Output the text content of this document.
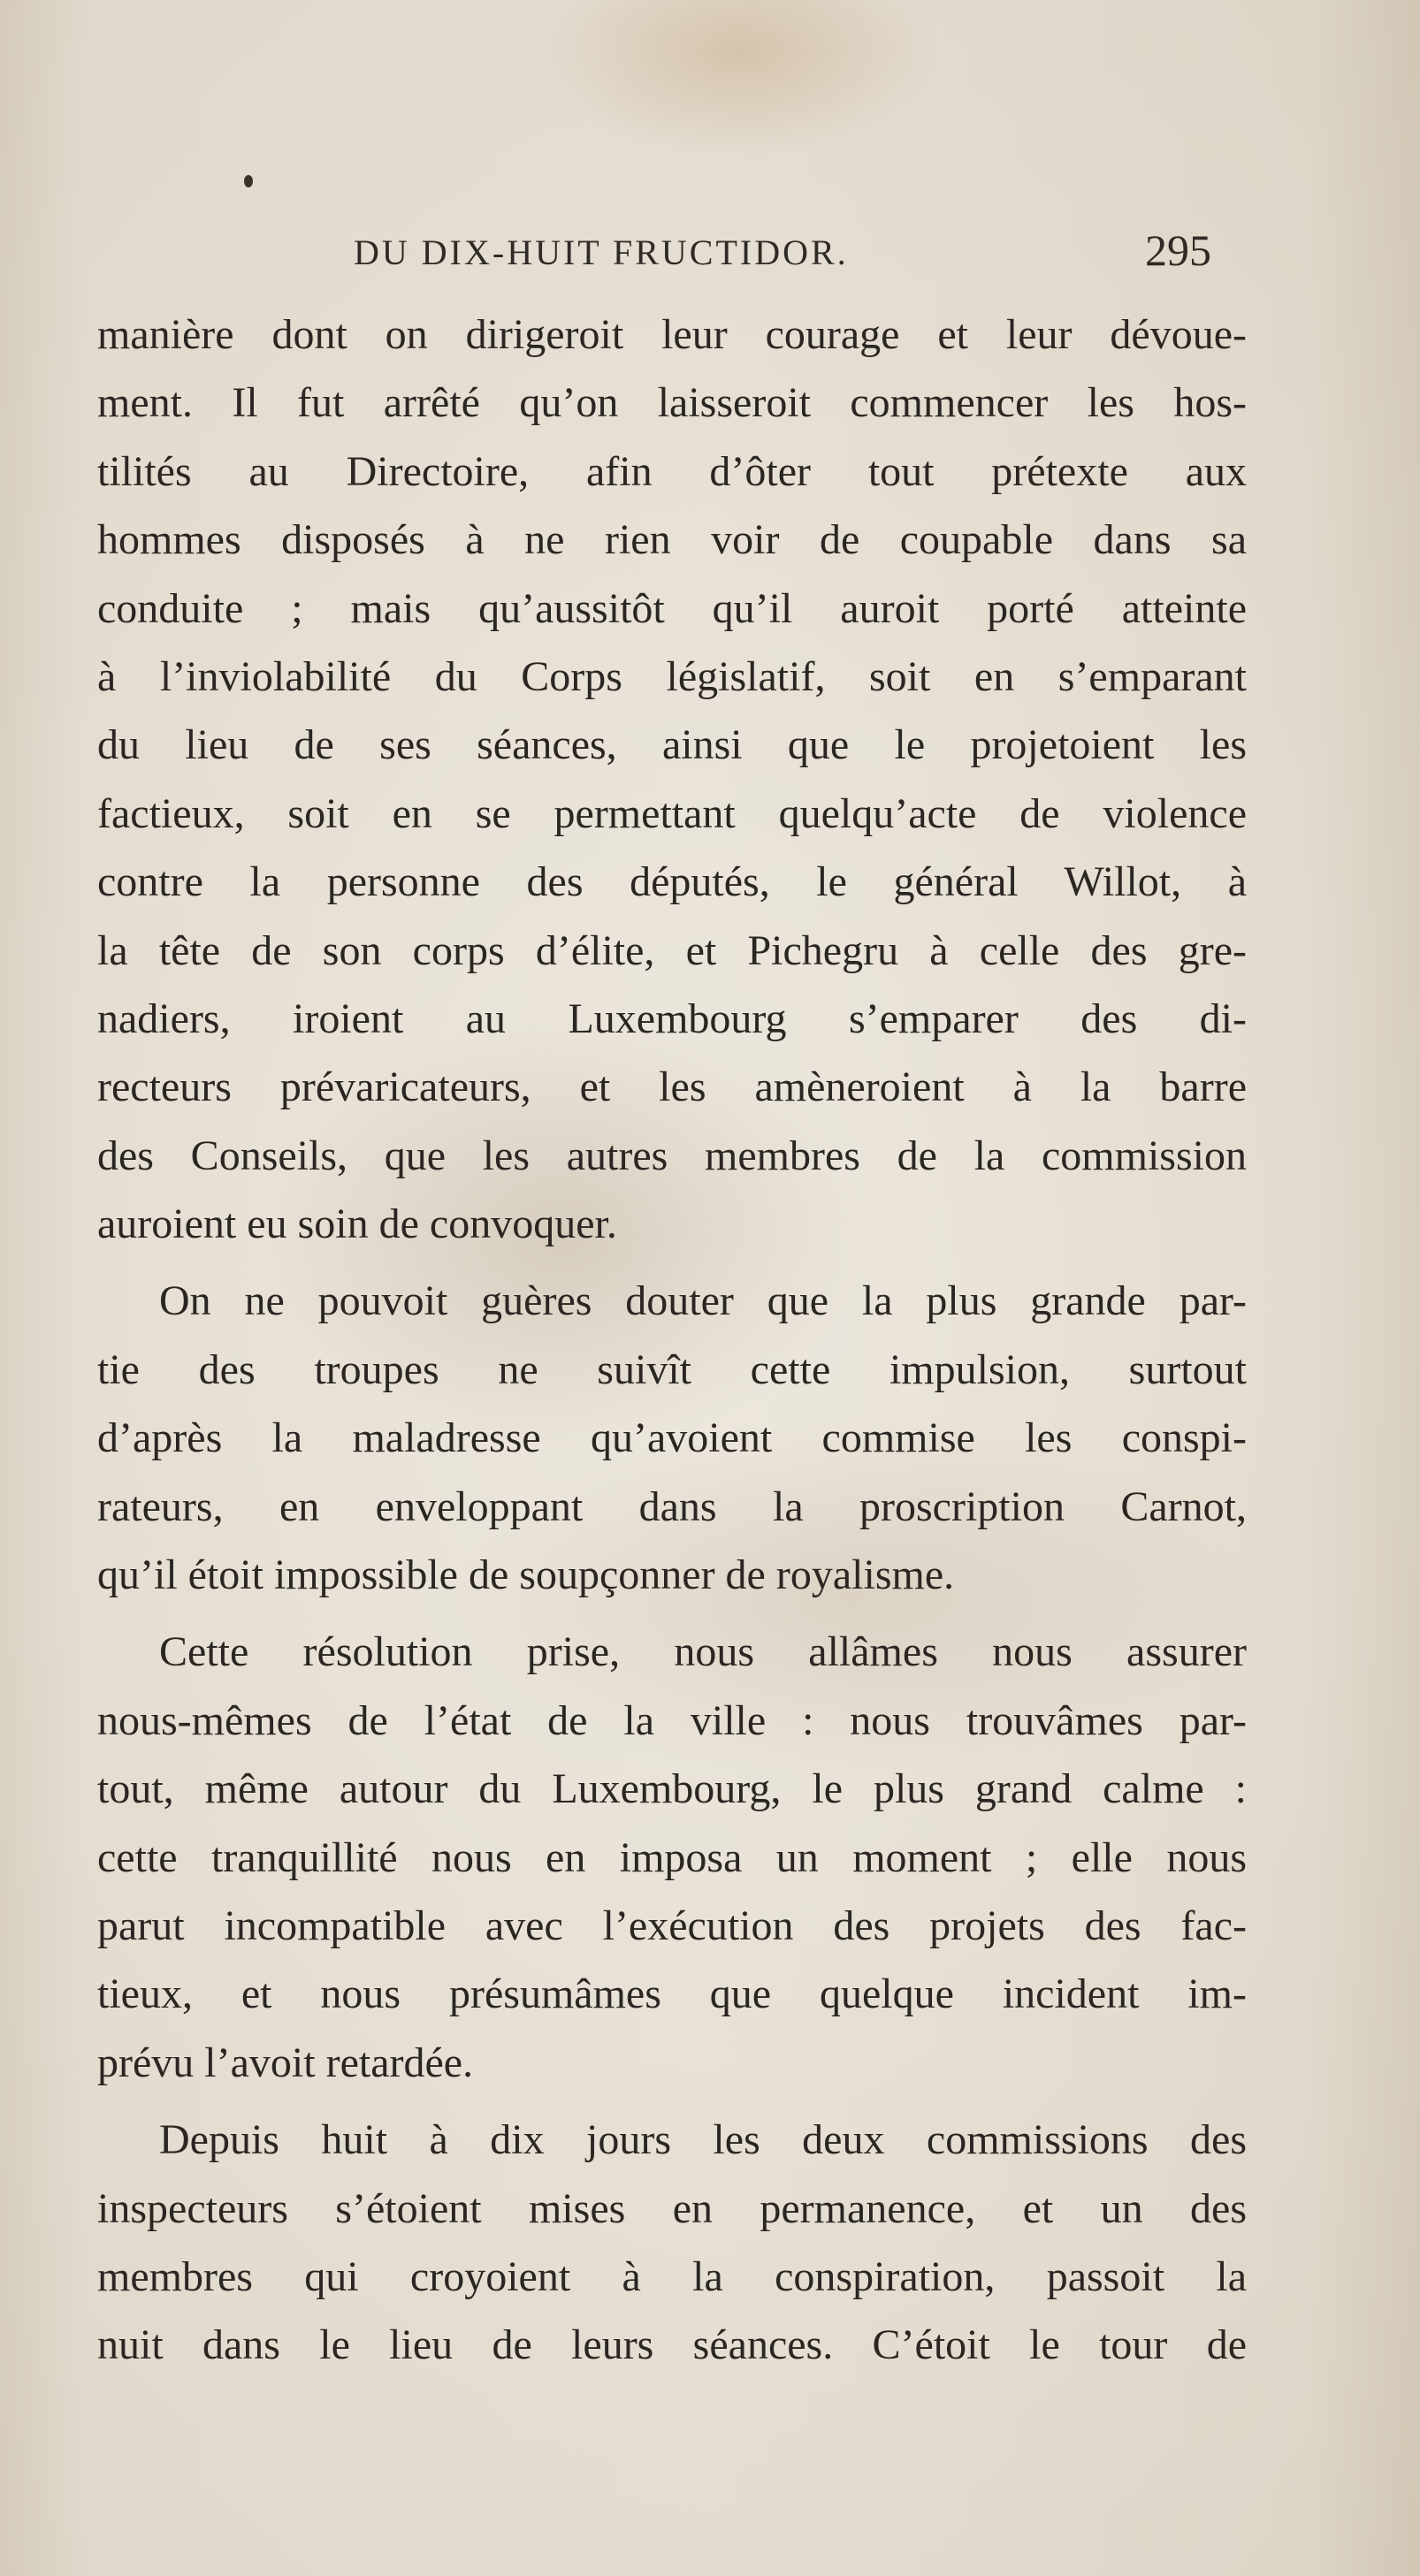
DU DIX-HUIT FRUCTIDOR.	295
manière dont on dirigeroit leur courage et leur dévoue-
ment. Il fut arrêté qu’on laisseroit commencer les hos-
tilités au Directoire, afin d’ôter tout prétexte aux
hommes disposés à ne rien voir de coupable dans sa
conduite ; mais qu’aussitôt qu’il auroit porté atteinte
à l’inviolabilité du Corps législatif, soit en s’emparant
du lieu de ses séances, ainsi que le projetoient les
factieux, soit en se permettant quelqu’acte de violence
contre la personne des députés, le général Willot, à
la tête de son corps d’élite, et Pichegru à celle des gre-
nadiers, iroient au Luxembourg s’emparer des di-
recteurs prévaricateurs, et les amèneroient à la barre
des Conseils, que les autres membres de la commission
auroient eu soin de convoquer.
On ne pouvoit guères douter que la plus grande par-
tie des troupes ne suivît cette impulsion, surtout
d’après la maladresse qu’avoient commise les conspi-
rateurs, en enveloppant dans la proscription Carnot,
qu’il étoit impossible de soupçonner de royalisme.
Cette résolution prise, nous allâmes nous assurer
nous-mêmes de l’état de la ville : nous trouvâmes par-
tout, même autour du Luxembourg, le plus grand calme :
cette tranquillité nous en imposa un moment ; elle nous
parut incompatible avec l’exécution des projets des fac-
tieux, et nous présumâmes que quelque incident im-
prévu l’avoit retardée.
Depuis huit à dix jours les deux commissions des
inspecteurs s’étoient mises en permanence, et un des
membres qui croyoient à la conspiration, passoit la
nuit dans le lieu de leurs séances. C’étoit le tour de
